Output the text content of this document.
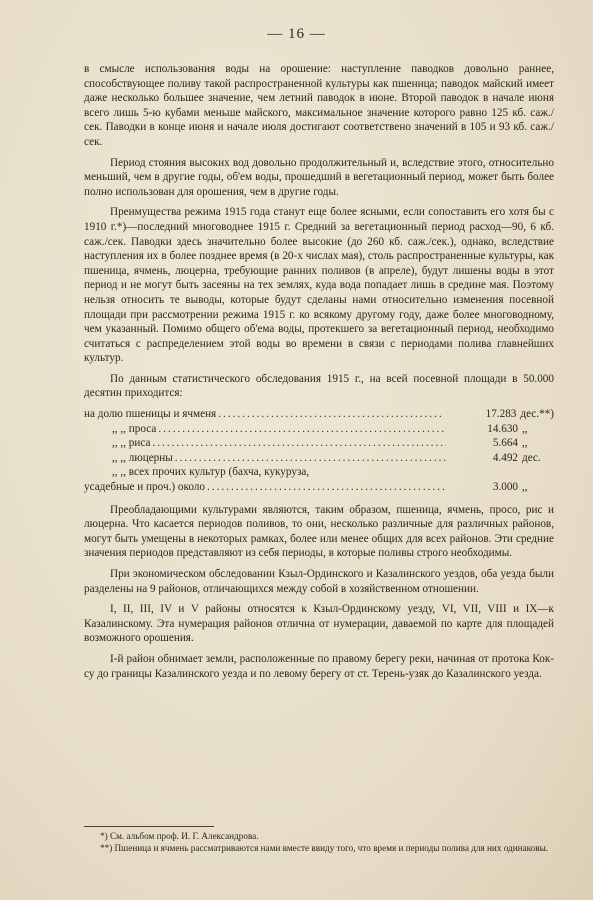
— 16 —

в смысле использования воды на орошение: наступление паводков довольно раннее, способствующее поливу такой распространенной культуры как пшеница; паводок майский имеет даже несколько большее значение, чем летний паводок в июне. Второй паводок в начале июня всего лишь 5-ю кубами меньше майского, максимальное значение которого равно 125 кб. саж./сек. Паводки в конце июня и начале июля достигают соответствено значений в 105 и 93 кб. саж./сек.

Период стояния высоких вод довольно продолжительный и, вследствие этого, относительно меньший, чем в другие годы, об'ем воды, прошедший в вегетационный период, может быть более полно использован для орошения, чем в другие годы.

Преимущества режима 1915 года станут еще более ясными, если сопоставить его хотя бы с 1910 г.*)—последний многоводнее 1915 г. Средний за вегетационный период расход—90, 6 кб. саж./сек. Паводки здесь значительно более высокие (до 260 кб. саж./сек.), однако, вследствие наступления их в более позднее время (в 20-х числах мая), столь распространенные культуры, как пшеница, ячмень, люцерна, требующие ранних поливов (в апреле), будут лишены воды в этот период и не могут быть засеяны на тех землях, куда вода попадает лишь в средине мая. Поэтому нельзя относить те выводы, которые будут сделаны нами относительно изменения посевной площади при рассмотрении режима 1915 г. ко всякому другому году, даже более многоводному, чем указанный. Помимо общего об'ема воды, протекшего за вегетационный период, необходимо считаться с распределением этой воды во времени в связи с периодами полива главнейших культур.

По данным статистического обследования 1915 г., на всей посевной площади в 50.000 десятин приходится:

на долю пшеницы и ячменя .....	17.283 дес.**)
,, ,, проса .....	14.630 ,,
,, ,, риса .....	5.664 ,,
,, ,, люцерны .....	4.492 дес.
,, ,, всех прочих культур (бахча, кукуруза,
усадебные и проч.) около .....	3.000 ,,

Преобладающими культурами являются, таким образом, пшеница, ячмень, просо, рис и люцерна. Что касается периодов поливов, то они, несколько различные для различных районов, могут быть умещены в некоторых рамках, более или менее общих для всех районов. Эти средние значения периодов представляют из себя периоды, в которые поливы строго необходимы.

При экономическом обследовании Кзыл-Ординского и Казалинского уездов, оба уезда были разделены на 9 районов, отличающихся между собой в хозяйственном отношении.

I, II, III, IV и V районы относятся к Кзыл-Ординскому уезду, VI, VII, VIII и IX—к Казалинскому. Эта нумерация районов отлична от нумерации, даваемой по карте для площадей возможного орошения.

I-й район обнимает земли, расположенные по правому берегу реки, начиная от протока Кок-су до границы Казалинского уезда и по левому берегу от ст. Терень-узяк до Казалинского уезда.

*) См. альбом проф. И. Г. Александрова.

**) Пшеница и ячмень рассматриваются нами вместе ввиду того, что время и периоды полива для них одинаковы.
